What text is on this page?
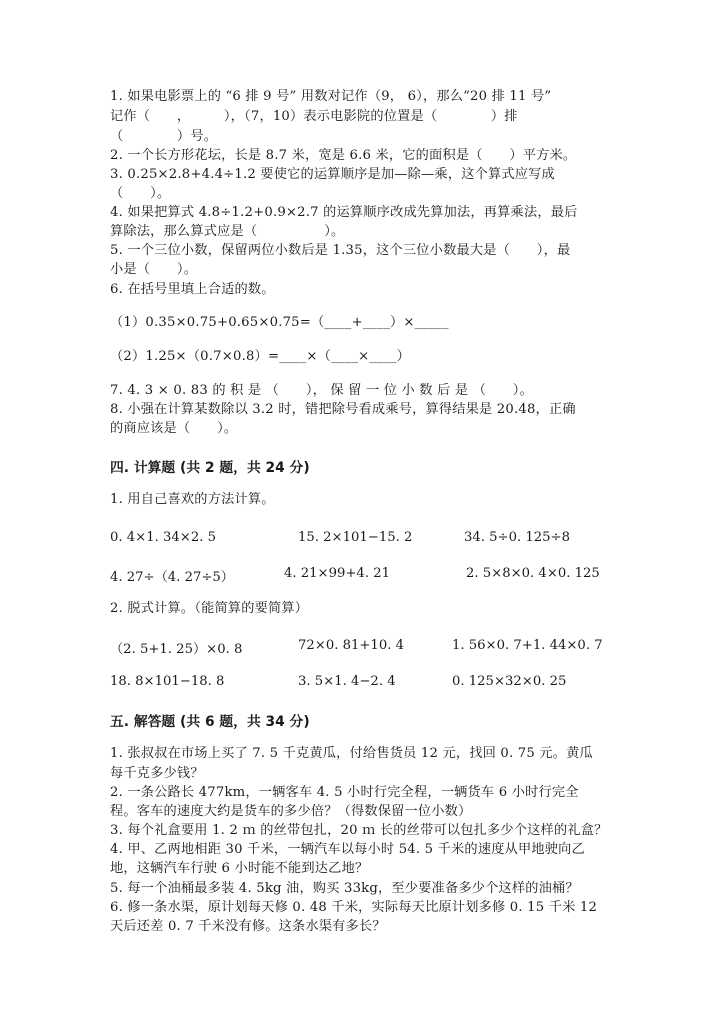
1. 如果电影票上的 “6 排 9 号” 用数对记作（9， 6），那么“20 排 11 号”
记作（　　，　　　），（7，10）表示电影院的位置是（　　　　）排
（　　　　）号。
2. 一个长方形花坛，长是 8.7 米，宽是 6.6 米，它的面积是（　　）平方米。
3. 0.25×2.8+4.4÷1.2 要使它的运算顺序是加—除—乘，这个算式应写成
（　　）。
4. 如果把算式 4.8÷1.2+0.9×2.7 的运算顺序改成先算加法，再算乘法，最后
算除法，那么算式应是（　　　　　）。
5. 一个三位小数，保留两位小数后是 1.35，这个三位小数最大是（　　），最
小是（　　）。
6. 在括号里填上合适的数。
（1）0.35×0.75+0.65×0.75=（____+____）×_____
（2）1.25×（0.7×0.8）=____×（____×____）
7. 4. 3 × 0. 83 的 积 是 （　　）， 保 留 一 位 小 数 后 是 （　　）。
8. 小强在计算某数除以 3.2 时，错把除号看成乘号，算得结果是 20.48，正确
的商应该是（　　）。
四. 计算题 (共 2 题，共 24 分)
1. 用自己喜欢的方法计算。
0. 4×1. 34×2. 5	15. 2×101−15. 2	34. 5÷0. 125÷8
4. 27÷（4. 27÷5）	4. 21×99+4. 21	2. 5×8×0. 4×0. 125
2. 脱式计算。（能简算的要简算）
（2. 5+1. 25）×0. 8	72×0. 81+10. 4	1. 56×0. 7+1. 44×0. 7
18. 8×101−18. 8	3. 5×1. 4−2. 4	0. 125×32×0. 25
五. 解答题 (共 6 题，共 34 分)
1. 张叔叔在市场上买了 7. 5 千克黄瓜，付给售货员 12 元，找回 0. 75 元。黄瓜
每千克多少钱？
2. 一条公路长 477km，一辆客车 4. 5 小时行完全程，一辆货车 6 小时行完全
程。客车的速度大约是货车的多少倍？（得数保留一位小数）
3. 每个礼盒要用 1. 2 ｍ 的丝带包扎，20 ｍ 长的丝带可以包扎多少个这样的礼盒？
4. 甲、乙两地相距 30 千米，一辆汽车以每小时 54. 5 千米的速度从甲地驶向乙
地，这辆汽车行驶 6 小时能不能到达乙地？
5. 每一个油桶最多装 4. 5kg 油，购买 33kg，至少要准备多少个这样的油桶？
6. 修一条水渠，原计划每天修 0. 48 千米，实际每天比原计划多修 0. 15 千米 12
天后还差 0. 7 千米没有修。这条水渠有多长？
